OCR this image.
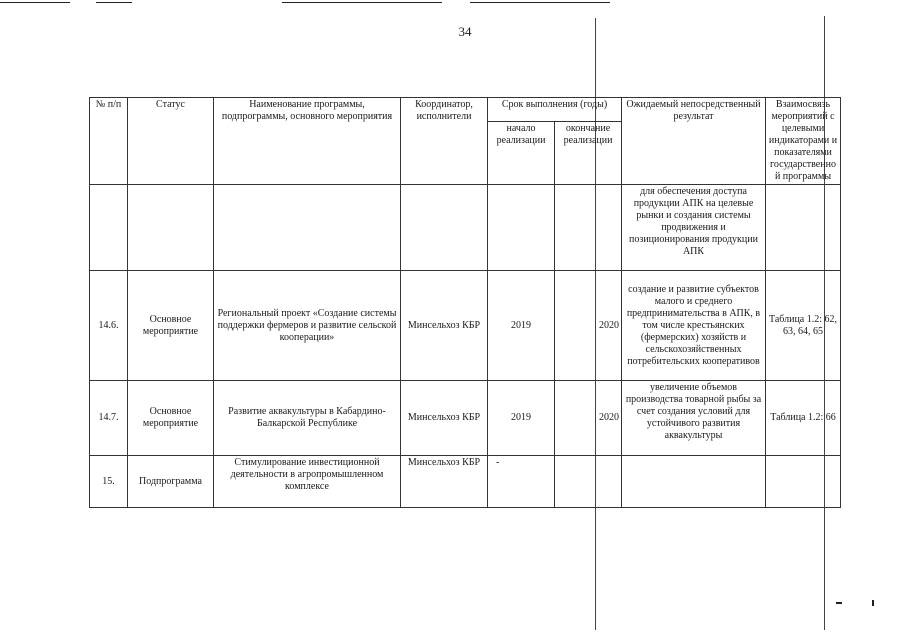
34
№ п/п	Статус	Наименование программы, подпрограммы, основного мероприятия	Координатор, исполнители	Срок выполнения (годы)		Ожидаемый непосредственный результат	Взаимосвязь мероприятий с целевыми индикаторами и показателями государственной программы
				начало реализации	окончание реализации		
						для обеспечения доступа продукции АПК на целевые рынки и создания системы продвижения и позиционирования продукции АПК	
14.6.	Основное мероприятие	Региональный проект «Создание системы поддержки фермеров и развитие сельской кооперации»	Минсельхоз КБР	2019	2020	создание и развитие субъектов малого и среднего предпринимательства в АПК, в том числе крестьянских (фермерских) хозяйств и сельскохозяйственных потребительских кооперативов	Таблица 1.2: 62, 63, 64, 65
14.7.	Основное мероприятие	Развитие аквакультуры в Кабардино-Балкарской Республике	Минсельхоз КБР	2019	2020	увеличение объемов производства товарной рыбы за счет создания условий для устойчивого развития аквакультуры	Таблица 1.2: 66
15.	Подпрограмма	Стимулирование инвестиционной деятельности в агропромышленном комплексе	Минсельхоз КБР	-			
